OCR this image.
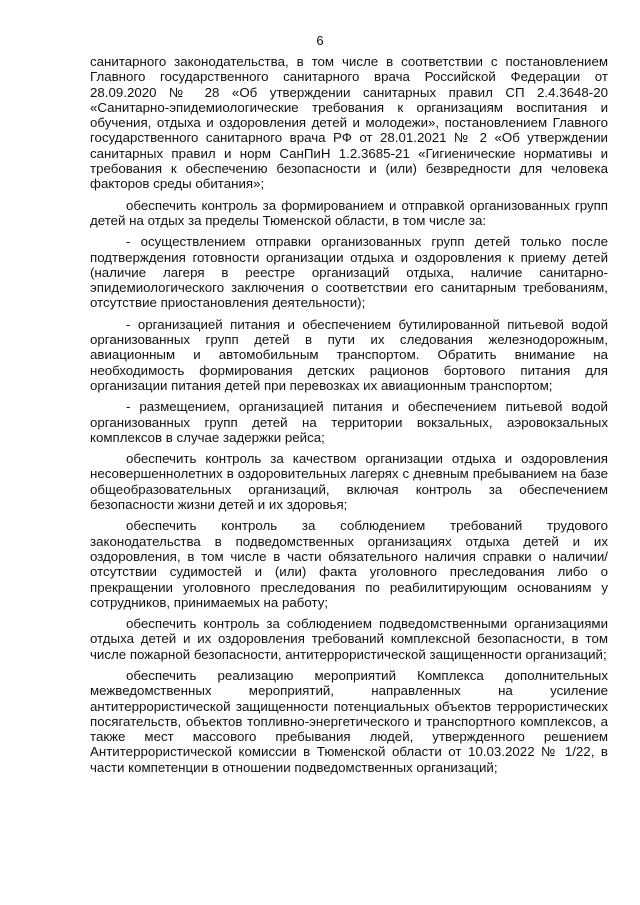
6

санитарного законодательства, в том числе в соответствии с постановлением Главного государственного санитарного врача Российской Федерации от 28.09.2020 № 28 «Об утверждении санитарных правил СП 2.4.3648-20 «Санитарно-эпидемиологические требования к организациям воспитания и обучения, отдыха и оздоровления детей и молодежи», постановлением Главного государственного санитарного врача РФ от 28.01.2021 № 2 «Об утверждении санитарных правил и норм СанПиН 1.2.3685-21 «Гигиенические нормативы и требования к обеспечению безопасности и (или) безвредности для человека факторов среды обитания»;

обеспечить контроль за формированием и отправкой организованных групп детей на отдых за пределы Тюменской области, в том числе за:

- осуществлением отправки организованных групп детей только после подтверждения готовности организации отдыха и оздоровления к приему детей (наличие лагеря в реестре организаций отдыха, наличие санитарно-эпидемиологического заключения о соответствии его санитарным требованиям, отсутствие приостановления деятельности);

- организацией питания и обеспечением бутилированной питьевой водой организованных групп детей в пути их следования железнодорожным, авиационным и автомобильным транспортом. Обратить внимание на необходимость формирования детских рационов бортового питания для организации питания детей при перевозках их авиационным транспортом;

- размещением, организацией питания и обеспечением питьевой водой организованных групп детей на территории вокзальных, аэровокзальных комплексов в случае задержки рейса;

обеспечить контроль за качеством организации отдыха и оздоровления несовершеннолетних в оздоровительных лагерях с дневным пребыванием на базе общеобразовательных организаций, включая контроль за обеспечением безопасности жизни детей и их здоровья;

обеспечить контроль за соблюдением требований трудового законодательства в подведомственных организациях отдыха детей и их оздоровления, в том числе в части обязательного наличия справки о наличии/отсутствии судимостей и (или) факта уголовного преследования либо о прекращении уголовного преследования по реабилитирующим основаниям у сотрудников, принимаемых на работу;

обеспечить контроль за соблюдением подведомственными организациями отдыха детей и их оздоровления требований комплексной безопасности, в том числе пожарной безопасности, антитеррористической защищенности организаций;

обеспечить реализацию мероприятий Комплекса дополнительных межведомственных мероприятий, направленных на усиление антитеррористической защищенности потенциальных объектов террористических посягательств, объектов топливно-энергетического и транспортного комплексов, а также мест массового пребывания людей, утвержденного решением Антитеррористической комиссии в Тюменской области от 10.03.2022 № 1/22, в части компетенции в отношении подведомственных организаций;
